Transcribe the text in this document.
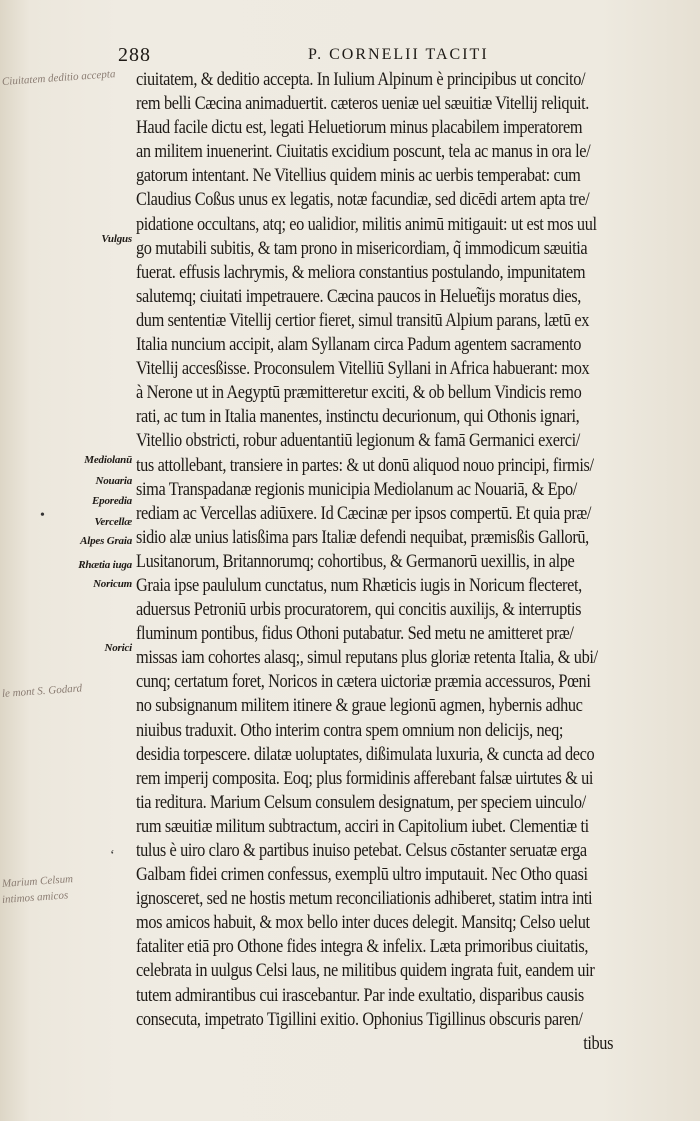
288	P. CORNELII TACITI
Ciuitatem deditio accepta
Vulgus
Mediolanū
Nouaria
Eporedia
•	Vercellæ
Alpes Graia
Rhætia iuga
Noricum
Norici
le mont S. Godard
ʻ
Marium Celsum
intimos amicos
ciuitatem, & deditio accepta. In Iulium Alpinum è principibus ut concito/
rem belli Cæcina animaduertit. cæteros ueniæ uel sæuitiæ Vitellij reliquit.
Haud facile dictu est, legati Heluetiorum minus placabilem imperatorem
an militem inuenerint. Ciuitatis excidium poscunt, tela ac manus in ora le/
gatorum intentant. Ne Vitellius quidem minis ac uerbis temperabat: cum
Claudius Coßus unus ex legatis, notæ facundiæ, sed dicēdi artem apta tre/
pidatione occultans, atq; eo ualidior, militis animū mitigauit: ut est mos uul
go mutabili subitis, & tam prono in misericordiam, q̃ immodicum sæuitia
fuerat. effusis lachrymis, & meliora constantius postulando, impunitatem
salutemq; ciuitati impetrauere. Cæcina paucos in Heluet̃ijs moratus dies,
dum sententiæ Vitellij certior fieret, simul transitū Alpium parans, lætū ex
Italia nuncium accipit, alam Syllanam circa Padum agentem sacramento
Vitellij accesßisse. Proconsulem Vitelliū Syllani in Africa habuerant: mox
à Nerone ut in Aegyptū præmitteretur exciti, & ob bellum Vindicis remo
rati, ac tum in Italia manentes, instinctu decurionum, qui Othonis ignari,
Vitellio obstricti, robur aduentantiū legionum & famā Germanici exerci/
tus attollebant, transiere in partes: & ut donū aliquod nouo principi, firmis/
sima Transpadanæ regionis municipia Mediolanum ac Nouariā, & Epo/
rediam ac Vercellas adiūxere. Id Cæcinæ per ipsos compertū. Et quia præ/
sidio alæ unius latisßima pars Italiæ defendi nequibat, præmisßis Gallorū,
Lusitanorum, Britannorumq; cohortibus, & Germanorū uexillis, in alpe
Graia ipse paululum cunctatus, num Rhæticis iugis in Noricum flecteret,
aduersus Petroniū urbis procuratorem, qui concitis auxilijs, & interruptis
fluminum pontibus, fidus Othoni putabatur. Sed metu ne amitteret præ/
missas iam cohortes alasq;, simul reputans plus gloriæ retenta Italia, & ubi/
cunq; certatum foret, Noricos in cætera uictoriæ præmia accessuros, Pœni
no subsignanum militem itinere & graue legionū agmen, hybernis adhuc
niuibus traduxit. Otho interim contra spem omnium non delicijs, neq;
desidia torpescere. dilatæ uoluptates, dißimulata luxuria, & cuncta ad deco
rem imperij composita. Eoq; plus formidinis afferebant falsæ uirtutes & ui
tia reditura. Marium Celsum consulem designatum, per speciem uinculo/
rum sæuitiæ militum subtractum, acciri in Capitolium iubet. Clementiæ ti
tulus è uiro claro & partibus inuiso petebat. Celsus cōstanter seruatæ erga
Galbam fidei crimen confessus, exemplū ultro imputauit. Nec Otho quasi
ignosceret, sed ne hostis metum reconciliationis adhiberet, statim intra inti
mos amicos habuit, & mox bello inter duces delegit. Mansitq; Celso uelut
fataliter etiā pro Othone fides integra & infelix. Læta primoribus ciuitatis,
celebrata in uulgus Celsi laus, ne militibus quidem ingrata fuit, eandem uir
tutem admirantibus cui irascebantur. Par inde exultatio, disparibus causis
consecuta, impetrato Tigillini exitio. Ophonius Tigillinus obscuris paren/
tibus
